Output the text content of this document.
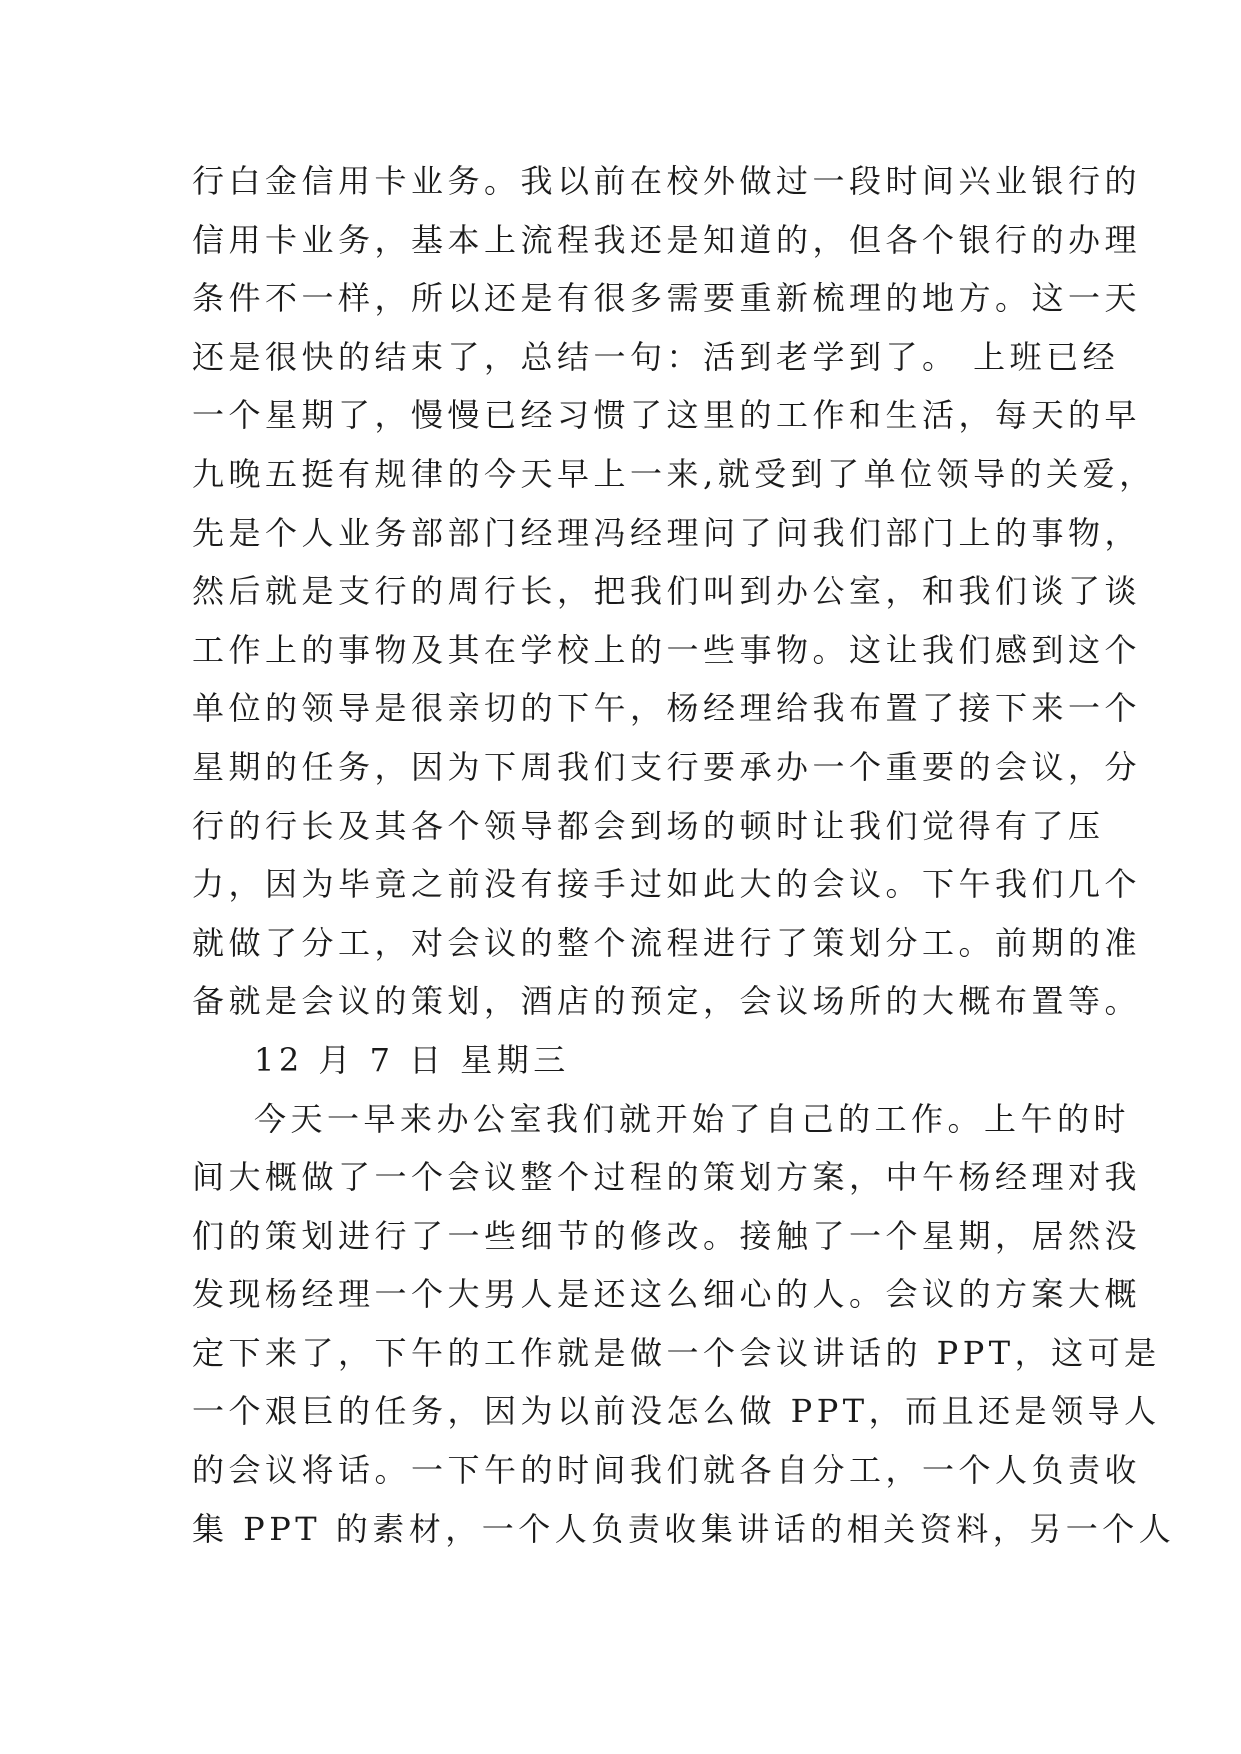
行白金信用卡业务。我以前在校外做过一段时间兴业银行的
信用卡业务，基本上流程我还是知道的，但各个银行的办理
条件不一样，所以还是有很多需要重新梳理的地方。这一天
还是很快的结束了，总结一句：活到老学到了。 上班已经
一个星期了，慢慢已经习惯了这里的工作和生活，每天的早
九晚五挺有规律的今天早上一来,就受到了单位领导的关爱，
先是个人业务部部门经理冯经理问了问我们部门上的事物，
然后就是支行的周行长，把我们叫到办公室，和我们谈了谈
工作上的事物及其在学校上的一些事物。这让我们感到这个
单位的领导是很亲切的下午，杨经理给我布置了接下来一个
星期的任务，因为下周我们支行要承办一个重要的会议，分
行的行长及其各个领导都会到场的顿时让我们觉得有了压
力，因为毕竟之前没有接手过如此大的会议。下午我们几个
就做了分工，对会议的整个流程进行了策划分工。前期的准
备就是会议的策划，酒店的预定，会议场所的大概布置等。
12 月 7 日 星期三
今天一早来办公室我们就开始了自己的工作。上午的时
间大概做了一个会议整个过程的策划方案，中午杨经理对我
们的策划进行了一些细节的修改。接触了一个星期，居然没
发现杨经理一个大男人是还这么细心的人。会议的方案大概
定下来了，下午的工作就是做一个会议讲话的 PPT，这可是
一个艰巨的任务，因为以前没怎么做 PPT，而且还是领导人
的会议将话。一下午的时间我们就各自分工，一个人负责收
集 PPT 的素材，一个人负责收集讲话的相关资料，另一个人
